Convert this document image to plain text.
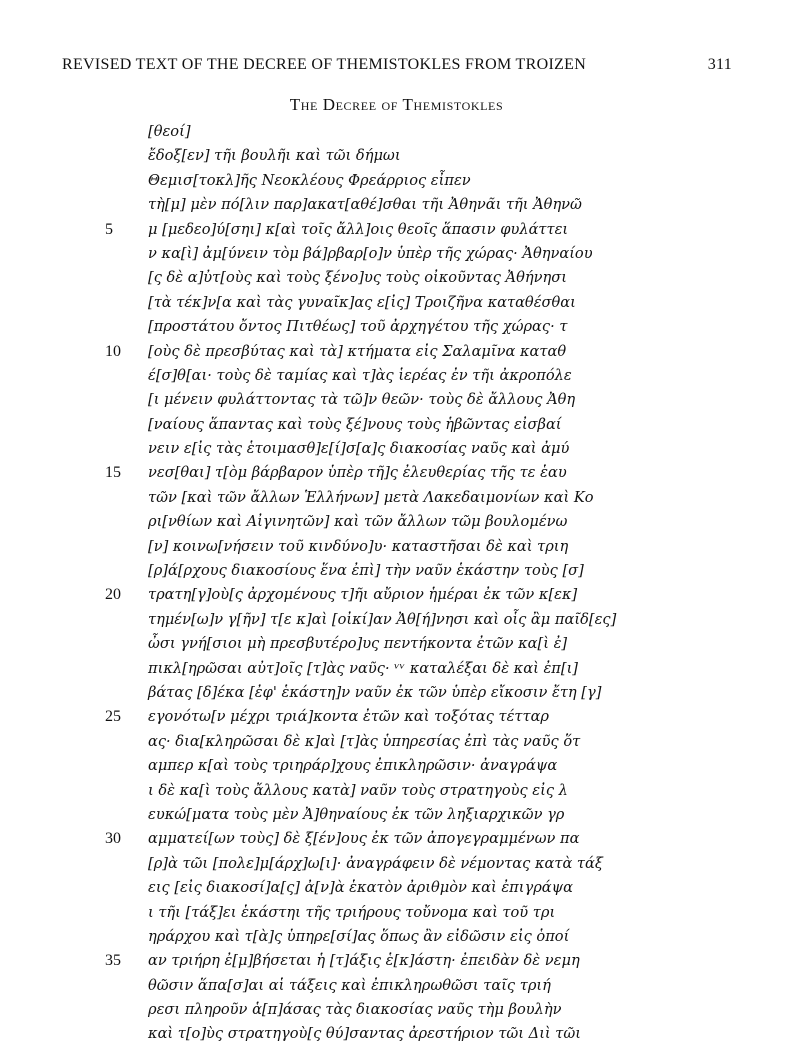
REVISED TEXT OF THE DECREE OF THEMISTOKLES FROM TROIZEN	311
The Decree of Themistokles
[θεοί]
ἔδοξ[εν] τῆι βουλῆι καὶ τῶι δήμωι
Θεμισ[τοκλ]ῆς Νεοκλέους Φρεάρριος εἶπεν
τὴ[μ] μὲν πό[λιν παρ]ακατ[αθέ]σθαι τῆι Ἀθηνᾶι τῆι Ἀθηνῶ
5 μ [μεδεο]ύ[σηι] κ[αὶ τοῖς ἄλλ]οις θεοῖς ἅπασιν φυλάττει
ν κα[ὶ] ἀμ[ύνειν τὸμ βά]ρβαρ[ο]ν ὑπὲρ τῆς χώρας· Ἀθηναίου
[ς δὲ α]ὐτ[οὺς καὶ τοὺς ξένο]υς τοὺς οἰκοῦντας Ἀθήνησι
[τὰ τέκ]ν[α καὶ τὰς γυναῖκ]ας ε[ἰς] Τροιζῆνα καταθέσθαι
[προστάτου ὄντος Πιτθέως] τοῦ ἀρχηγέτου τῆς χώρας· τ
10 [οὺς δὲ πρεσβύτας καὶ τὰ] κτήματα εἰς Σαλαμῖνα καταθ
έ[σ]θ[αι· τοὺς δὲ ταμίας καὶ τ]ὰς ἱερέας ἐν τῆι ἀκροπόλε
[ι μένειν φυλάττοντας τὰ τῶ]ν θεῶν· τοὺς δὲ ἄλλους Ἀθη
[ναίους ἅπαντας καὶ τοὺς ξέ]νους τοὺς ἡβῶντας εἰσβαί
νειν ε[ἰς τὰς ἑτοιμασθ]ε[ί]σ[α]ς διακοσίας ναῦς καὶ ἀμύ
15 νεσ[θαι] τ[ὸμ βάρβαρον ὑπὲρ τῆ]ς ἐλευθερίας τῆς τε ἑαυ
τῶν [καὶ τῶν ἄλλων Ἑλλήνων] μετὰ Λακεδαιμονίων καὶ Κο
ρι[νθίων καὶ Αἰγινητῶν] καὶ τῶν ἄλλων τῶμ βουλομένω
[ν] κοινω[νήσειν τοῦ κινδύνο]υ· καταστῆσαι δὲ καὶ τριη
[ρ]ά[ρχους διακοσίους ἕνα ἐπὶ] τὴν ναῦν ἑκάστην τοὺς [σ]
20 τρατη[γ]οὺ[ς ἀρχομένους τ]ῆι αὔριον ἡμέραι ἐκ τῶν κ[εκ]
τημέν[ω]ν γ[ῆν] τ[ε κ]αὶ [οἰκί]αν Ἀθ[ή]νησι καὶ οἷς ἂμ παῖδ[ες]
ὦσι γνή[σιοι μὴ πρεσβυτέρο]υς πεντήκοντα ἐτῶν κα[ὶ ἐ]
πικλ[ηρῶσαι αὐτ]οῖς [τ]ὰς ναῦς· ᵛᵛ καταλέξαι δὲ καὶ ἐπ[ι]
βάτας [δ]έκα [ἐφ' ἑκάστη]ν ναῦν ἐκ τῶν ὑπὲρ εἴκοσιν ἔτη [γ]
25 εγονότω[ν μέχρι τριά]κοντα ἐτῶν καὶ τοξότας τέτταρ
ας· δια[κληρῶσαι δὲ κ]αὶ [τ]ὰς ὑπηρεσίας ἐπὶ τὰς ναῦς ὅτ
αμπερ κ[αὶ τοὺς τριηράρ]χους ἐπικληρῶσιν· ἀναγράψα
ι δὲ κα[ὶ τοὺς ἄλλους κατὰ] ναῦν τοὺς στρατηγοὺς εἰς λ
ευκώ[ματα τοὺς μὲν Ἀ]θηναίους ἐκ τῶν ληξιαρχικῶν γρ
30 αμματεί[ων τοὺς] δὲ ξ[έν]ους ἐκ τῶν ἀπογεγραμμένων πα
[ρ]ὰ τῶι [πολε]μ[άρχ]ω[ι]· ἀναγράφειν δὲ νέμοντας κατὰ τάξ
εις [εἰς διακοσί]α[ς] ἀ[ν]ὰ ἑκατὸν ἀριθμὸν καὶ ἐπιγράψα
ι τῆι [τάξ]ει ἑκάστηι τῆς τριήρους τοὔνομα καὶ τοῦ τρι
ηράρχου καὶ τ[ὰ]ς ὑπηρε[σί]ας ὅπως ἂν εἰδῶσιν εἰς ὁποί
35 αν τριήρη ἐ[μ]βήσεται ἡ [τ]άξις ἑ[κ]άστη· ἐπειδὰν δὲ νεμη
θῶσιν ἅπα[σ]αι αἱ τάξεις καὶ ἐπικληρωθῶσι ταῖς τριή
ρεσι πληροῦν ἁ[π]άσας τὰς διακοσίας ναῦς τὴμ βουλὴν
καὶ τ[ο]ὺς στρατηγοὺ[ς θύ]σαντας ἀρεστήριον τῶι Διὶ τῶι
